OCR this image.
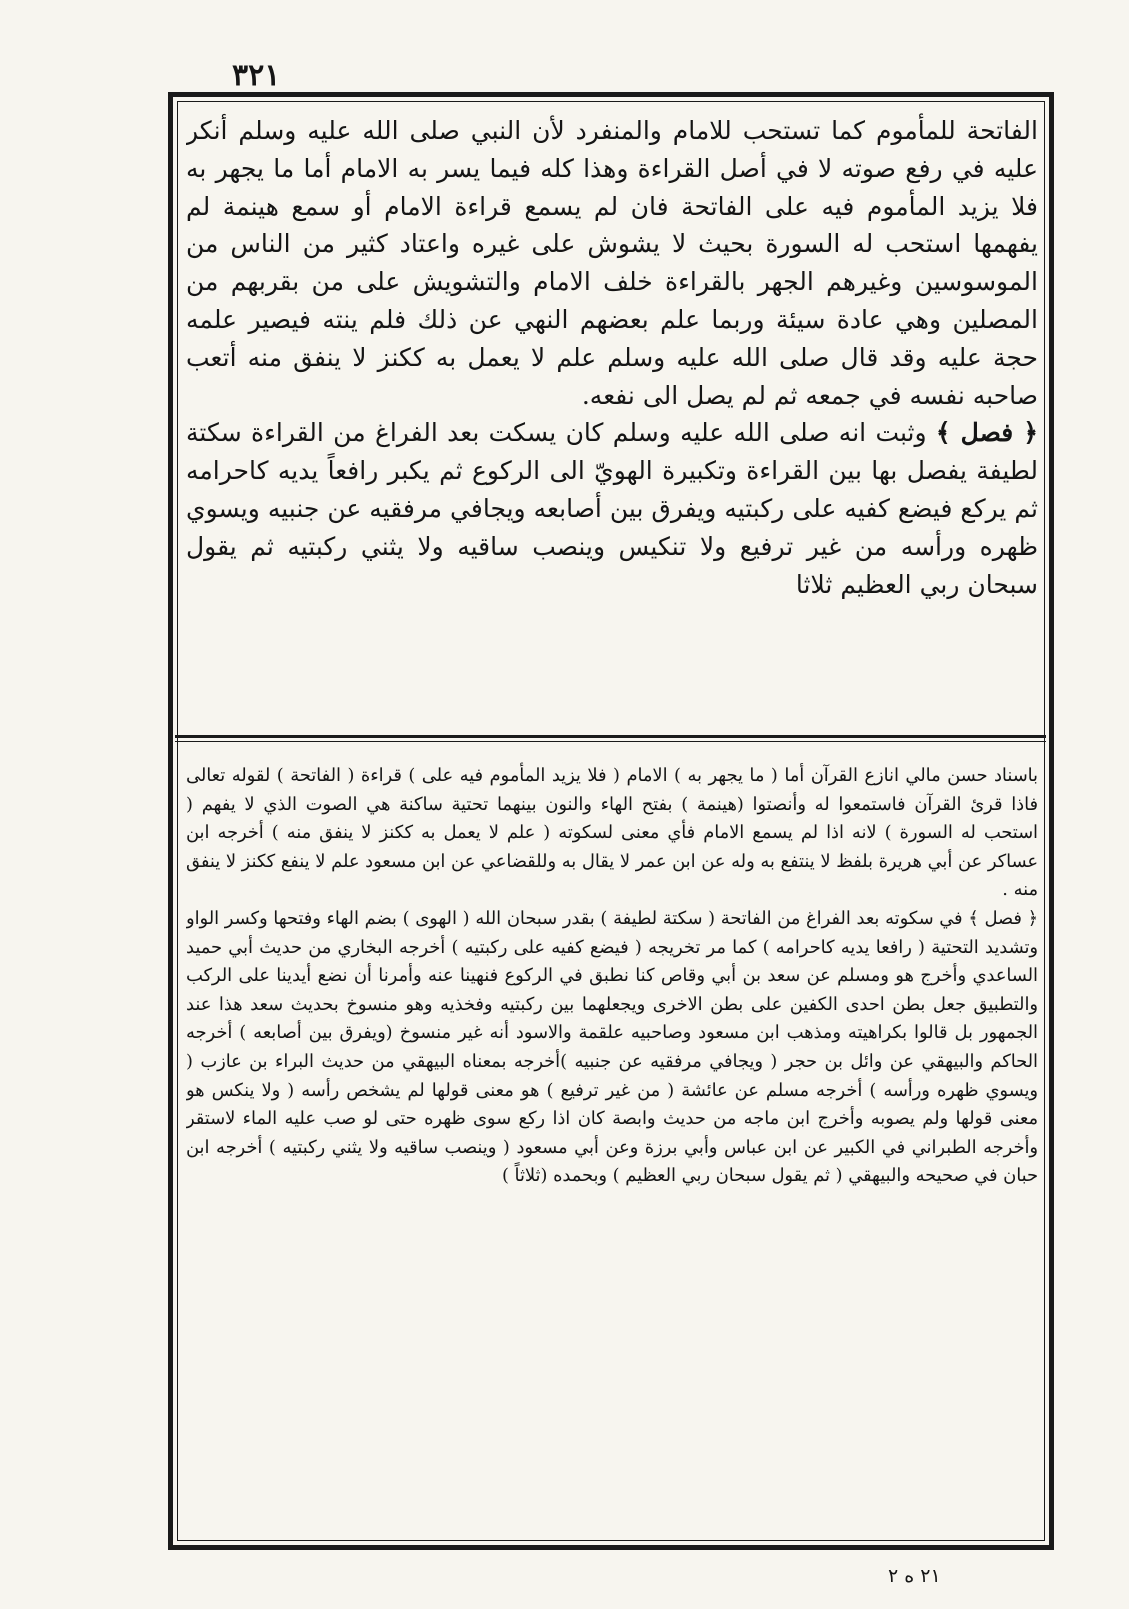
٣٢١

الفاتحة للمأموم كما تستحب للامام والمنفرد لأن النبي صلى الله عليه وسلم أنكر عليه في رفع صوته لا في أصل القراءة وهذا كله فيما يسر به الامام أما ما يجهر به فلا يزيد المأموم فيه على الفاتحة فان لم يسمع قراءة الامام أو سمع هينمة لم يفهمها استحب له السورة بحيث لا يشوش على غيره واعتاد كثير من الناس من الموسوسين وغيرهم الجهر بالقراءة خلف الامام والتشويش على من بقربهم من المصلين وهي عادة سيئة وربما علم بعضهم النهي عن ذلك فلم ينته فيصير علمه حجة عليه وقد قال صلى الله عليه وسلم علم لا يعمل به ككنز لا ينفق منه أتعب صاحبه نفسه في جمعه ثم لم يصل الى نفعه.

﴿ فصل ﴾ وثبت انه صلى الله عليه وسلم كان يسكت بعد الفراغ من القراءة سكتة لطيفة يفصل بها بين القراءة وتكبيرة الهويّ الى الركوع ثم يكبر رافعاً يديه كاحرامه ثم يركع فيضع كفيه على ركبتيه ويفرق بين أصابعه ويجافي مرفقيه عن جنبيه ويسوي ظهره ورأسه من غير ترفيع ولا تنكيس وينصب ساقيه ولا يثني ركبتيه ثم يقول سبحان ربي العظيم ثلاثا

باسناد حسن مالي انازع القرآن أما ( ما يجهر به ) الامام ( فلا يزيد المأموم فيه على ) قراءة ( الفاتحة ) لقوله تعالى فاذا قرئ القرآن فاستمعوا له وأنصتوا (هينمة ) بفتح الهاء والنون بينهما تحتية ساكنة هي الصوت الذي لا يفهم ( استحب له السورة ) لانه اذا لم يسمع الامام فأي معنى لسكوته ( علم لا يعمل به ككنز لا ينفق منه ) أخرجه ابن عساكر عن أبي هريرة بلفظ لا ينتفع به وله عن ابن عمر لا يقال به وللقضاعي عن ابن مسعود علم لا ينفع ككنز لا ينفق منه .

﴿ فصل ﴾ في سكوته بعد الفراغ من الفاتحة ( سكتة لطيفة ) بقدر سبحان الله ( الهوى ) بضم الهاء وفتحها وكسر الواو وتشديد التحتية ( رافعا يديه كاحرامه ) كما مر تخريجه ( فيضع كفيه على ركبتيه ) أخرجه البخاري من حديث أبي حميد الساعدي وأخرج هو ومسلم عن سعد بن أبي وقاص كنا نطبق في الركوع فنهينا عنه وأمرنا أن نضع أيدينا على الركب والتطبيق جعل بطن احدى الكفين على بطن الاخرى ويجعلهما بين ركبتيه وفخذيه وهو منسوخ بحديث سعد هذا عند الجمهور بل قالوا بكراهيته ومذهب ابن مسعود وصاحبيه علقمة والاسود أنه غير منسوخ (ويفرق بين أصابعه ) أخرجه الحاكم والبيهقي عن وائل بن حجر ( ويجافي مرفقيه عن جنبيه )أخرجه بمعناه البيهقي من حديث البراء بن عازب ( ويسوي ظهره ورأسه ) أخرجه مسلم عن عائشة ( من غير ترفيع ) هو معنى قولها لم يشخص رأسه ( ولا ينكس هو معنى قولها ولم يصوبه وأخرج ابن ماجه من حديث وابصة كان اذا ركع سوى ظهره حتى لو صب عليه الماء لاستقر وأخرجه الطبراني في الكبير عن ابن عباس وأبي برزة وعن أبي مسعود ( وينصب ساقيه ولا يثني ركبتيه ) أخرجه ابن حبان في صحيحه والبيهقي ( ثم يقول سبحان ربي العظيم ) وبحمده (ثلاثاً )

٢١ ه ٢
